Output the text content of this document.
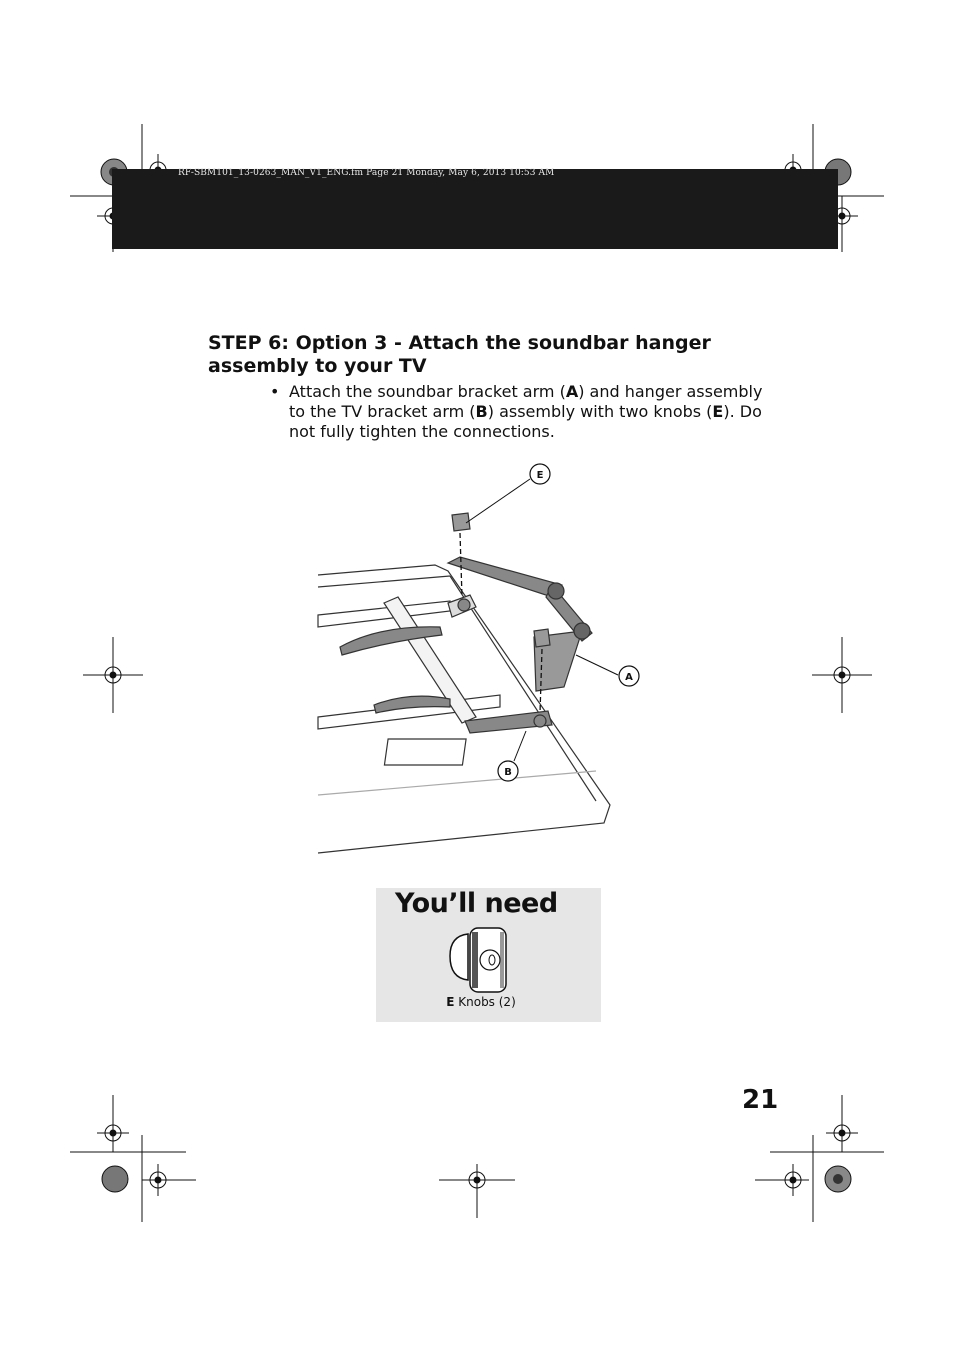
RF-SBM101_13-0263_MAN_V1_ENG.fm Page 21 Monday, May 6, 2013 10:53 AM
STEP 6: Option 3 - Attach the soundbar hanger assembly to your TV
• Attach the soundbar bracket arm (A) and hanger assembly to the TV bracket arm (B) assembly with two knobs (E). Do not fully tighten the connections.
E
A
B
You’ll need
E Knobs (2)
21
